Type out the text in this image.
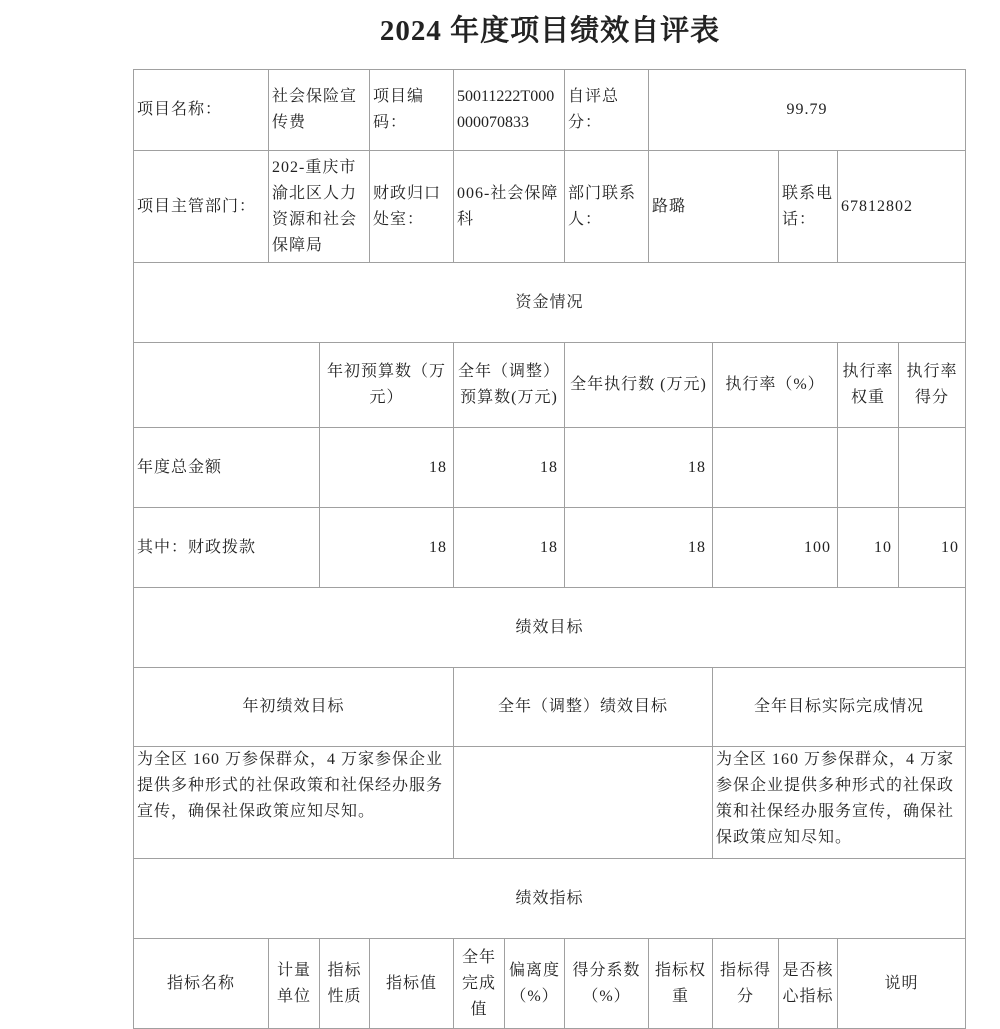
2024 年度项目绩效自评表
项目名称：	社会保险宣传费		项目编码：	50011222T000000070833		自评总分：	99.79				
项目主管部门：	202-重庆市渝北区人力资源和社会保障局		财政归口处室：	006-社会保障科		部门联系人：	路璐		联系电话：	67812802	
资金情况											
		年初预算数（万元）		全年（调整）预算数(万元)		全年执行数 (万元)		执行率（%）		执行率权重	执行率得分
年度总金额		18		18		18					
其中：财政拨款		18		18		18		100		10	10
绩效目标											
年初绩效目标				全年（调整）绩效目标				全年目标实际完成情况			
为全区 160 万参保群众，4 万家参保企业提供多种形式的社保政策和社保经办服务宣传，确保社保政策应知尽知。								为全区 160 万参保群众，4 万家参保企业提供多种形式的社保政策和社保经办服务宣传，确保社保政策应知尽知。			
绩效指标											
指标名称	计量单位	指标性质	指标值	全年完成值	偏离度（%）	得分系数（%）	指标权重	指标得分	是否核心指标	说明	
